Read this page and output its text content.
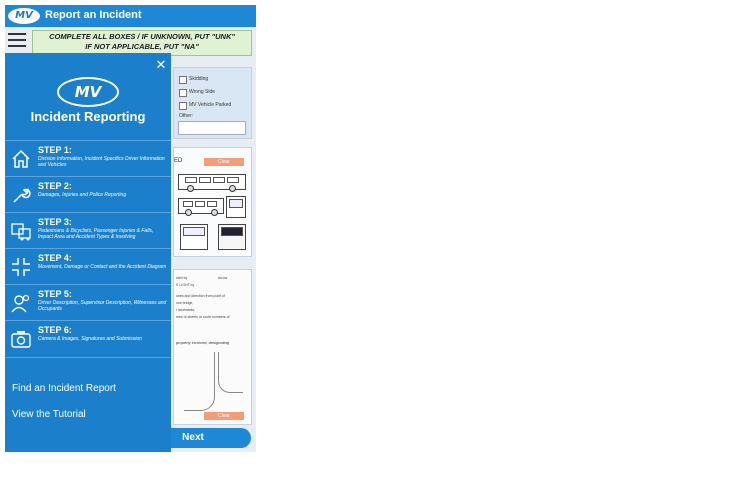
MV	Report an Incident
COMPLETE ALL BOXES / IF UNKNOWN, PUT "UNK"
IF NOT APPLICABLE, PUT "NA"
Skidding
Wrong Side
MV Vehicle Parked
Other:
ED	Clear
ided by	Arrow
S LIGHT by
ones and direction from point of
nce bridge,
r landmarks,
mes of streets or route numbers of
property involved, designating
Clear
Next
✕
MV
Incident Reporting
STEP 1:
Division Information, Incident Specifics Driver Information and Vehicles
STEP 2:
Damages, Injuries and Police Reporting
STEP 3:
Pedestrians & Bicyclists, Passenger Injuries & Falls, Impact Area and Accident Types & Involving
STEP 4:
Movement, Damage or Contact and the Accident Diagram
STEP 5:
Driver Description, Supervisor Description, Witnesses and Occupants
STEP 6:
Camera & Images, Signatures and Submission
Find an Incident Report
View the Tutorial
